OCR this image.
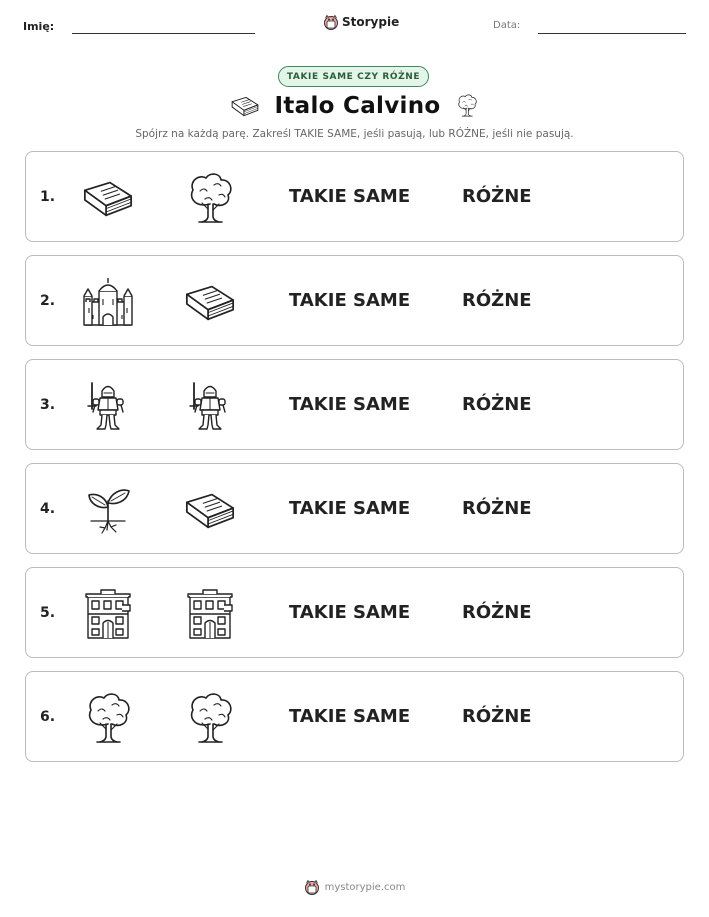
Imię:	Storypie	Data:
TAKIE SAME CZY RÓŻNE
Italo Calvino
Spójrz na każdą parę. Zakreśl TAKIE SAME, jeśli pasują, lub RÓŻNE, jeśli nie pasują.
1.	TAKIE SAME	RÓŻNE
2.	TAKIE SAME	RÓŻNE
3.	TAKIE SAME	RÓŻNE
4.	TAKIE SAME	RÓŻNE
5.	TAKIE SAME	RÓŻNE
6.	TAKIE SAME	RÓŻNE
mystorypie.com
